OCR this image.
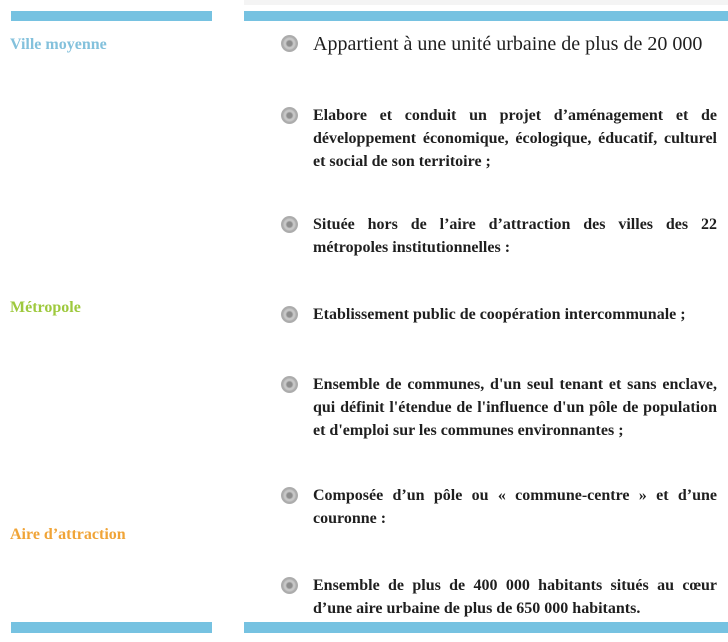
Ville moyenne
Métropole
Aire d’attraction
Appartient à une unité urbaine de plus de 20 000
Elabore et conduit un projet d’aménagement et de développement économique, écologique, éducatif, culturel et social de son territoire ;
Située hors de l’aire d’attraction des villes des 22 métropoles institutionnelles :
Etablissement public de coopération intercommunale ;
Ensemble de communes, d'un seul tenant et sans enclave, qui définit l'étendue de l'influence d'un pôle de population et d'emploi sur les communes environnantes ;
Composée d’un pôle ou « commune-centre » et d’une couronne :
Ensemble de plus de 400 000 habitants situés au cœur d’une aire urbaine de plus de 650 000 habitants.
